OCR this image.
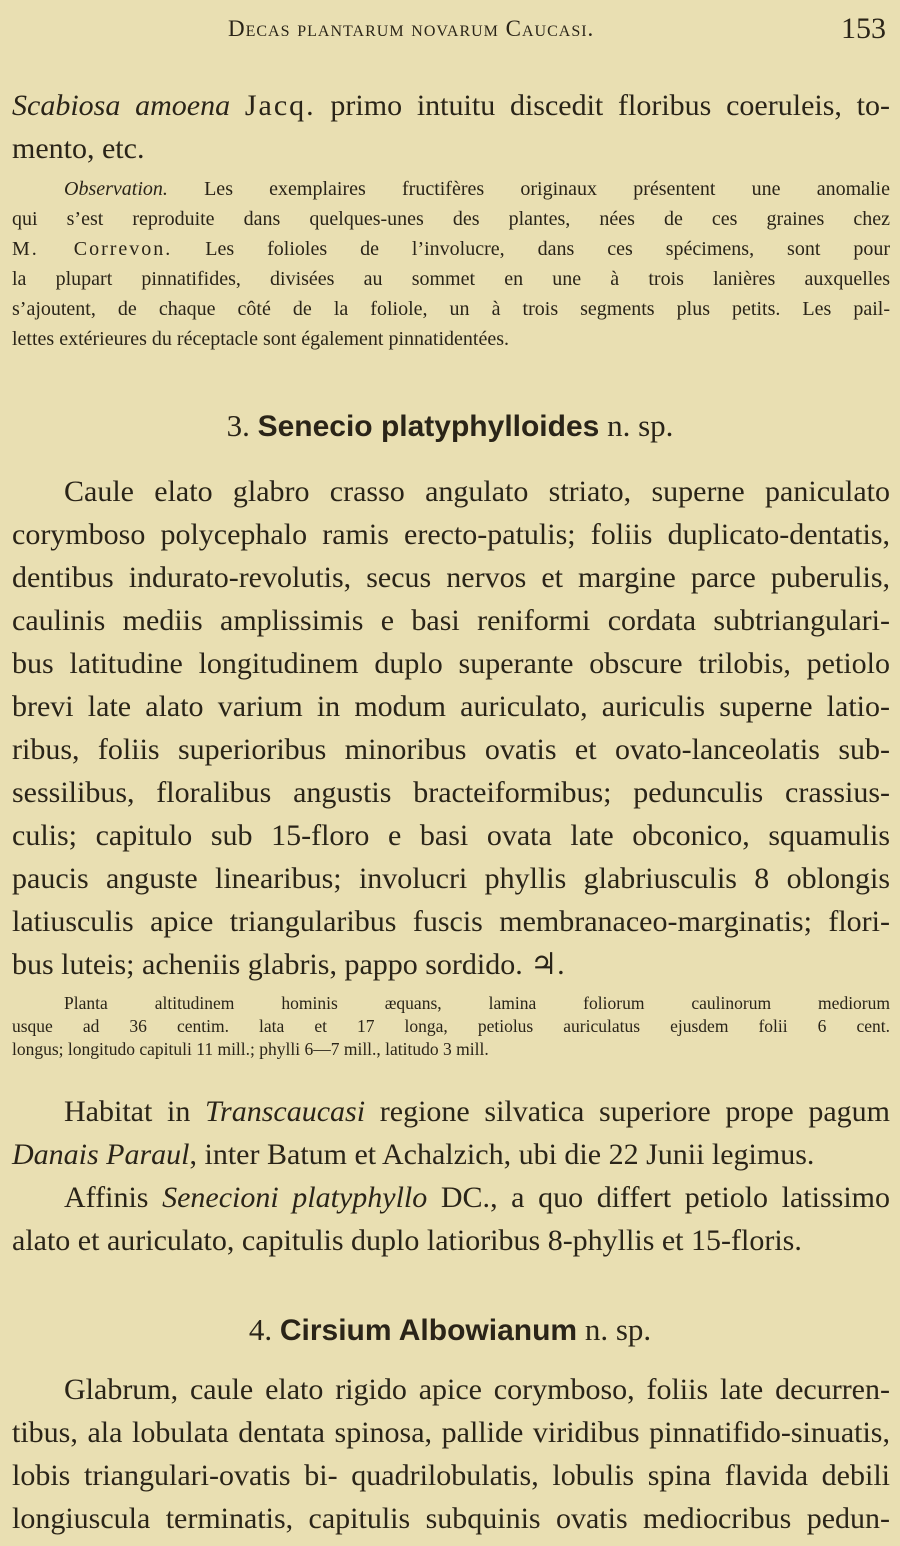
Decas plantarum novarum Caucasi.	153

Scabiosa amoena Jacq. primo intuitu discedit floribus coeruleis, to-

mento, etc.

Observation. Les exemplaires fructifères originaux présentent une anomalie

qui s’est reproduite dans quelques-unes des plantes, nées de ces graines chez

M. Correvon. Les folioles de l’involucre, dans ces spécimens, sont pour

la plupart pinnatifides, divisées au sommet en une à trois lanières auxquelles

s’ajoutent, de chaque côté de la foliole, un à trois segments plus petits. Les pail-

lettes extérieures du réceptacle sont également pinnatidentées.

3. Senecio platyphylloides n. sp.

Caule elato glabro crasso angulato striato, superne paniculato

corymboso polycephalo ramis erecto-patulis; foliis duplicato-dentatis,

dentibus indurato-revolutis, secus nervos et margine parce puberulis,

caulinis mediis amplissimis e basi reniformi cordata subtriangulari-

bus latitudine longitudinem duplo superante obscure trilobis, petiolo

brevi late alato varium in modum auriculato, auriculis superne latio-

ribus, foliis superioribus minoribus ovatis et ovato-lanceolatis sub-

sessilibus, floralibus angustis bracteiformibus; pedunculis crassius-

culis; capitulo sub 15-floro e basi ovata late obconico, squamulis

paucis anguste linearibus; involucri phyllis glabriusculis 8 oblongis

latiusculis apice triangularibus fuscis membranaceo-marginatis; flori-

bus luteis; acheniis glabris, pappo sordido. ♃.

Planta altitudinem hominis æquans, lamina foliorum caulinorum mediorum

usque ad 36 centim. lata et 17 longa, petiolus auriculatus ejusdem folii 6 cent.

longus; longitudo capituli 11 mill.; phylli 6—7 mill., latitudo 3 mill.

Habitat in Transcaucasi regione silvatica superiore prope pagum

Danais Paraul, inter Batum et Achalzich, ubi die 22 Junii legimus.

Affinis Senecioni platyphyllo DC., a quo differt petiolo latissimo

alato et auriculato, capitulis duplo latioribus 8-phyllis et 15-floris.

4. Cirsium Albowianum n. sp.

Glabrum, caule elato rigido apice corymboso, foliis late decurren-

tibus, ala lobulata dentata spinosa, pallide viridibus pinnatifido-sinuatis,

lobis triangulari-ovatis bi- quadrilobulatis, lobulis spina flavida debili

longiuscula terminatis, capitulis subquinis ovatis mediocribus pedun-
